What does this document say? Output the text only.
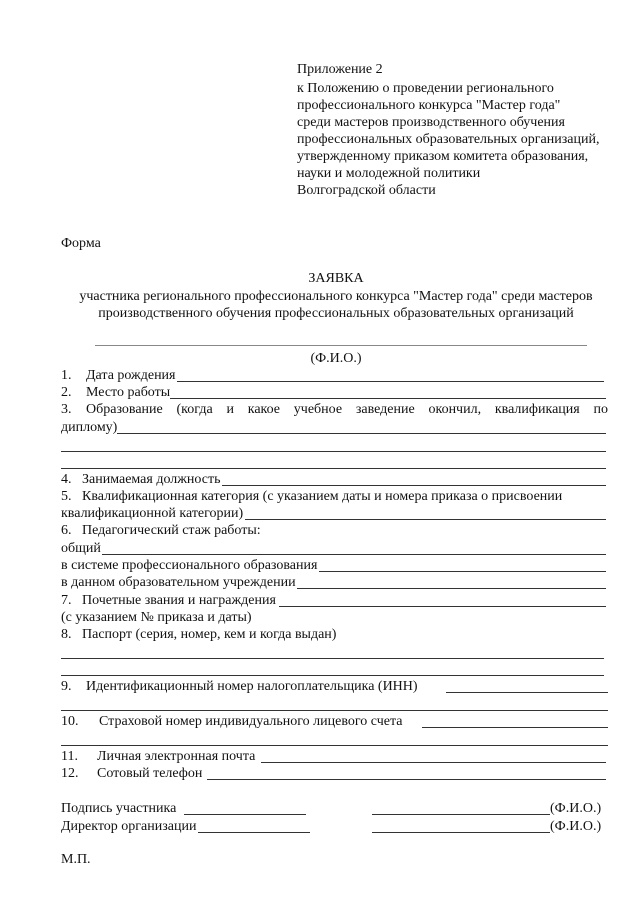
Приложение 2
к Положению о проведении регионального
профессионального конкурса "Мастер года"
среди мастеров производственного обучения
профессиональных образовательных организаций,
утвержденному приказом комитета образования,
науки и молодежной политики
Волгоградской области
Форма
ЗАЯВКА
участника регионального профессионального конкурса "Мастер года" среди мастеров
производственного обучения профессиональных образовательных организаций
(Ф.И.О.)
1. Дата рождения
2. Место работы
3. Образование (когда и какое учебное заведение окончил, квалификация по
диплому)
4. Занимаемая должность
5. Квалификационная категория (с указанием даты и номера приказа о присвоении
квалификационной категории)
6. Педагогический стаж работы:
общий
в системе профессионального образования
в данном образовательном учреждении
7. Почетные звания и награждения
(с указанием № приказа и даты)
8. Паспорт (серия, номер, кем и когда выдан)
9. Идентификационный номер налогоплательщика (ИНН)
10. Страховой номер индивидуального лицевого счета
11. Личная электронная почта
12. Сотовый телефон
Подпись участника	(Ф.И.О.)
Директор организации	(Ф.И.О.)
М.П.
